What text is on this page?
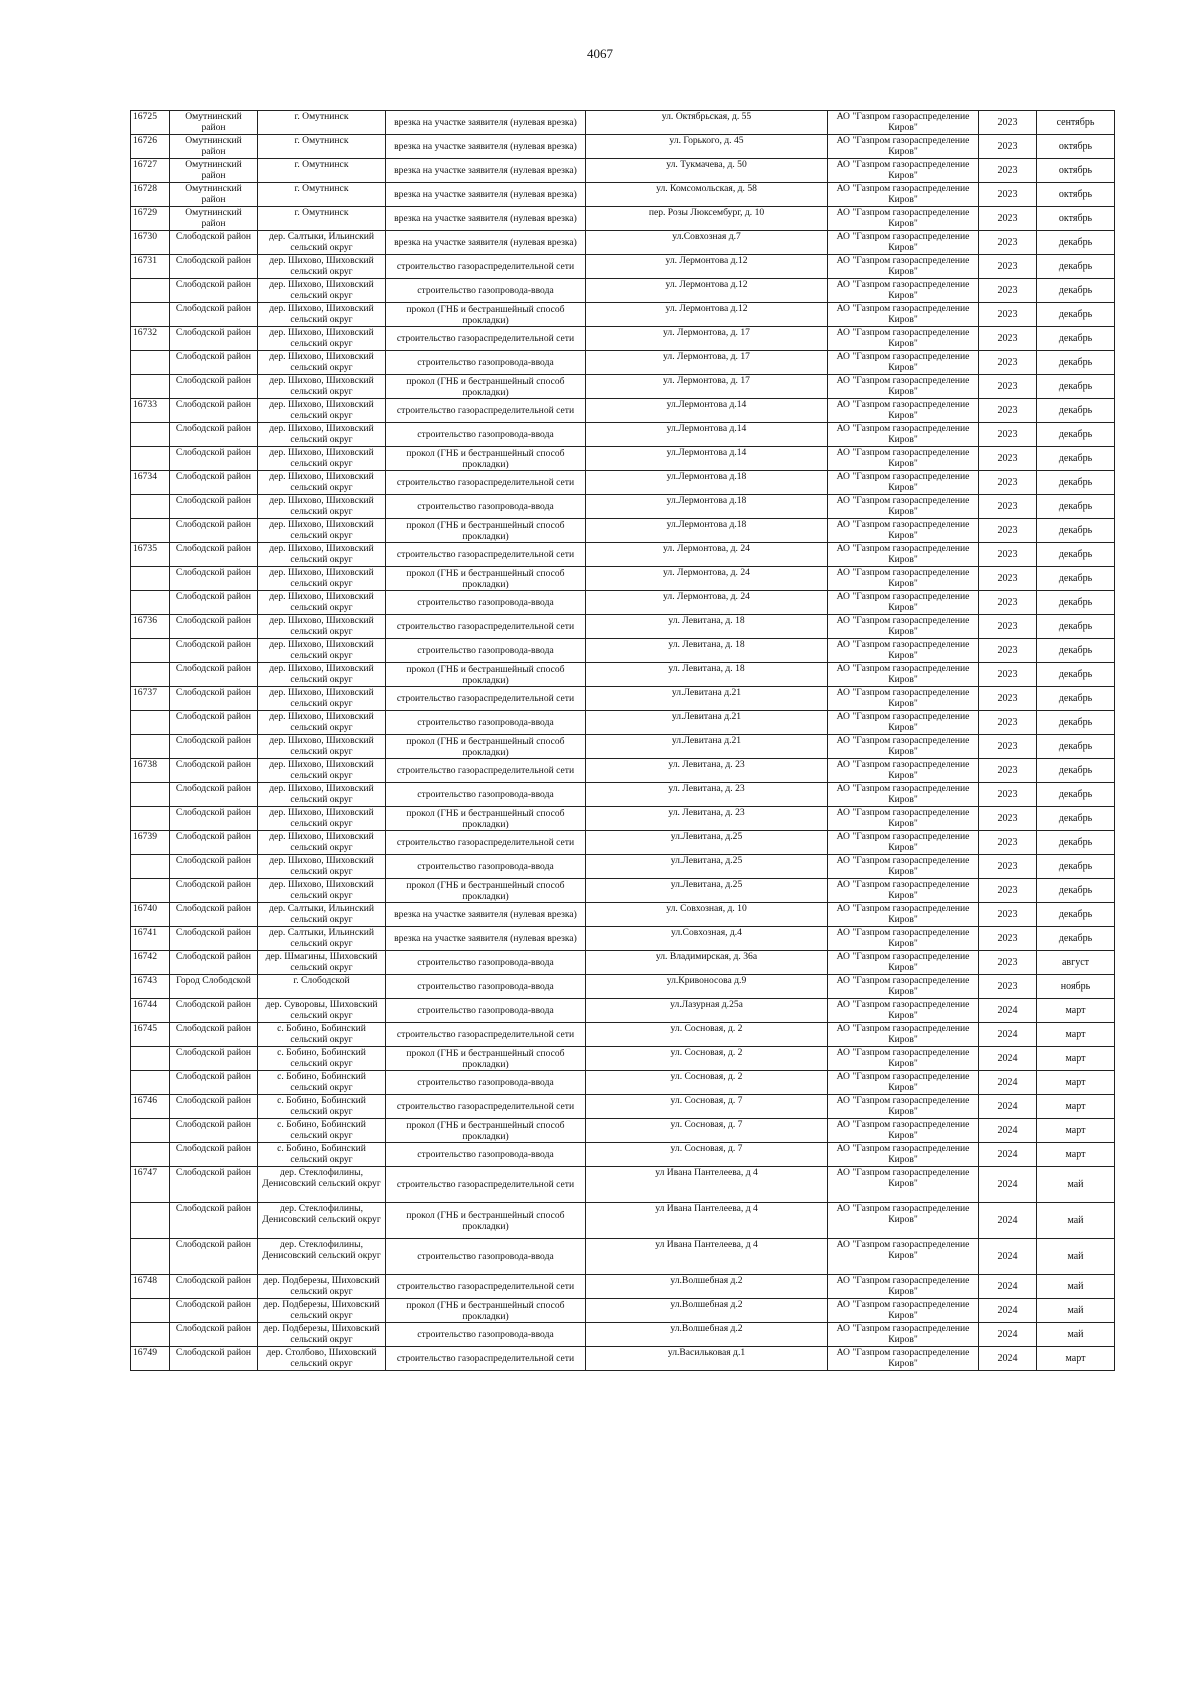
4067
16725	Омутнинский район	г. Омутнинск	врезка на участке заявителя (нулевая врезка)	ул. Октябрьская, д. 55	АО "Газпром газораспределение Киров"	2023	сентябрь
16726	Омутнинский район	г. Омутнинск	врезка на участке заявителя (нулевая врезка)	ул. Горького, д. 45	АО "Газпром газораспределение Киров"	2023	октябрь
16727	Омутнинский район	г. Омутнинск	врезка на участке заявителя (нулевая врезка)	ул. Тукмачева, д. 50	АО "Газпром газораспределение Киров"	2023	октябрь
16728	Омутнинский район	г. Омутнинск	врезка на участке заявителя (нулевая врезка)	ул. Комсомольская, д. 58	АО "Газпром газораспределение Киров"	2023	октябрь
16729	Омутнинский район	г. Омутнинск	врезка на участке заявителя (нулевая врезка)	пер. Розы Люксембург, д. 10	АО "Газпром газораспределение Киров"	2023	октябрь
16730	Слободской район	дер. Салтыки, Ильинский сельский округ	врезка на участке заявителя (нулевая врезка)	ул.Совхозная д.7	АО "Газпром газораспределение Киров"	2023	декабрь
16731	Слободской район	дер. Шихово, Шиховский сельский округ	строительство газораспределительной сети	ул. Лермонтова д.12	АО "Газпром газораспределение Киров"	2023	декабрь
	Слободской район	дер. Шихово, Шиховский сельский округ	строительство газопровода-ввода	ул. Лермонтова д.12	АО "Газпром газораспределение Киров"	2023	декабрь
	Слободской район	дер. Шихово, Шиховский сельский округ	прокол (ГНБ и бестраншейный способ прокладки)	ул. Лермонтова д.12	АО "Газпром газораспределение Киров"	2023	декабрь
16732	Слободской район	дер. Шихово, Шиховский сельский округ	строительство газораспределительной сети	ул. Лермонтова, д. 17	АО "Газпром газораспределение Киров"	2023	декабрь
	Слободской район	дер. Шихово, Шиховский сельский округ	строительство газопровода-ввода	ул. Лермонтова, д. 17	АО "Газпром газораспределение Киров"	2023	декабрь
	Слободской район	дер. Шихово, Шиховский сельский округ	прокол (ГНБ и бестраншейный способ прокладки)	ул. Лермонтова, д. 17	АО "Газпром газораспределение Киров"	2023	декабрь
16733	Слободской район	дер. Шихово, Шиховский сельский округ	строительство газораспределительной сети	ул.Лермонтова д.14	АО "Газпром газораспределение Киров"	2023	декабрь
	Слободской район	дер. Шихово, Шиховский сельский округ	строительство газопровода-ввода	ул.Лермонтова д.14	АО "Газпром газораспределение Киров"	2023	декабрь
	Слободской район	дер. Шихово, Шиховский сельский округ	прокол (ГНБ и бестраншейный способ прокладки)	ул.Лермонтова д.14	АО "Газпром газораспределение Киров"	2023	декабрь
16734	Слободской район	дер. Шихово, Шиховский сельский округ	строительство газораспределительной сети	ул.Лермонтова д.18	АО "Газпром газораспределение Киров"	2023	декабрь
	Слободской район	дер. Шихово, Шиховский сельский округ	строительство газопровода-ввода	ул.Лермонтова д.18	АО "Газпром газораспределение Киров"	2023	декабрь
	Слободской район	дер. Шихово, Шиховский сельский округ	прокол (ГНБ и бестраншейный способ прокладки)	ул.Лермонтова д.18	АО "Газпром газораспределение Киров"	2023	декабрь
16735	Слободской район	дер. Шихово, Шиховский сельский округ	строительство газораспределительной сети	ул. Лермонтова, д. 24	АО "Газпром газораспределение Киров"	2023	декабрь
	Слободской район	дер. Шихово, Шиховский сельский округ	прокол (ГНБ и бестраншейный способ прокладки)	ул. Лермонтова, д. 24	АО "Газпром газораспределение Киров"	2023	декабрь
	Слободской район	дер. Шихово, Шиховский сельский округ	строительство газопровода-ввода	ул. Лермонтова, д. 24	АО "Газпром газораспределение Киров"	2023	декабрь
16736	Слободской район	дер. Шихово, Шиховский сельский округ	строительство газораспределительной сети	ул. Левитана, д. 18	АО "Газпром газораспределение Киров"	2023	декабрь
	Слободской район	дер. Шихово, Шиховский сельский округ	строительство газопровода-ввода	ул. Левитана, д. 18	АО "Газпром газораспределение Киров"	2023	декабрь
	Слободской район	дер. Шихово, Шиховский сельский округ	прокол (ГНБ и бестраншейный способ прокладки)	ул. Левитана, д. 18	АО "Газпром газораспределение Киров"	2023	декабрь
16737	Слободской район	дер. Шихово, Шиховский сельский округ	строительство газораспределительной сети	ул.Левитана д.21	АО "Газпром газораспределение Киров"	2023	декабрь
	Слободской район	дер. Шихово, Шиховский сельский округ	строительство газопровода-ввода	ул.Левитана д.21	АО "Газпром газораспределение Киров"	2023	декабрь
	Слободской район	дер. Шихово, Шиховский сельский округ	прокол (ГНБ и бестраншейный способ прокладки)	ул.Левитана д.21	АО "Газпром газораспределение Киров"	2023	декабрь
16738	Слободской район	дер. Шихово, Шиховский сельский округ	строительство газораспределительной сети	ул. Левитана, д. 23	АО "Газпром газораспределение Киров"	2023	декабрь
	Слободской район	дер. Шихово, Шиховский сельский округ	строительство газопровода-ввода	ул. Левитана, д. 23	АО "Газпром газораспределение Киров"	2023	декабрь
	Слободской район	дер. Шихово, Шиховский сельский округ	прокол (ГНБ и бестраншейный способ прокладки)	ул. Левитана, д. 23	АО "Газпром газораспределение Киров"	2023	декабрь
16739	Слободской район	дер. Шихово, Шиховский сельский округ	строительство газораспределительной сети	ул.Левитана, д.25	АО "Газпром газораспределение Киров"	2023	декабрь
	Слободской район	дер. Шихово, Шиховский сельский округ	строительство газопровода-ввода	ул.Левитана, д.25	АО "Газпром газораспределение Киров"	2023	декабрь
	Слободской район	дер. Шихово, Шиховский сельский округ	прокол (ГНБ и бестраншейный способ прокладки)	ул.Левитана, д.25	АО "Газпром газораспределение Киров"	2023	декабрь
16740	Слободской район	дер. Салтыки, Ильинский сельский округ	врезка на участке заявителя (нулевая врезка)	ул. Совхозная, д. 10	АО "Газпром газораспределение Киров"	2023	декабрь
16741	Слободской район	дер. Салтыки, Ильинский сельский округ	врезка на участке заявителя (нулевая врезка)	ул.Совхозная, д.4	АО "Газпром газораспределение Киров"	2023	декабрь
16742	Слободской район	дер. Шмагины, Шиховский сельский округ	строительство газопровода-ввода	ул. Владимирская, д. 36а	АО "Газпром газораспределение Киров"	2023	август
16743	Город Слободской	г. Слободской	строительство газопровода-ввода	ул.Кривоносова д.9	АО "Газпром газораспределение Киров"	2023	ноябрь
16744	Слободской район	дер. Суворовы, Шиховский сельский округ	строительство газопровода-ввода	ул.Лазурная д.25а	АО "Газпром газораспределение Киров"	2024	март
16745	Слободской район	с. Бобино, Бобинский сельский округ	строительство газораспределительной сети	ул. Сосновая, д. 2	АО "Газпром газораспределение Киров"	2024	март
	Слободской район	с. Бобино, Бобинский сельский округ	прокол (ГНБ и бестраншейный способ прокладки)	ул. Сосновая, д. 2	АО "Газпром газораспределение Киров"	2024	март
	Слободской район	с. Бобино, Бобинский сельский округ	строительство газопровода-ввода	ул. Сосновая, д. 2	АО "Газпром газораспределение Киров"	2024	март
16746	Слободской район	с. Бобино, Бобинский сельский округ	строительство газораспределительной сети	ул. Сосновая, д. 7	АО "Газпром газораспределение Киров"	2024	март
	Слободской район	с. Бобино, Бобинский сельский округ	прокол (ГНБ и бестраншейный способ прокладки)	ул. Сосновая, д. 7	АО "Газпром газораспределение Киров"	2024	март
	Слободской район	с. Бобино, Бобинский сельский округ	строительство газопровода-ввода	ул. Сосновая, д. 7	АО "Газпром газораспределение Киров"	2024	март
16747	Слободской район	дер. Стеклофилины, Денисовский сельский округ	строительство газораспределительной сети	ул Ивана Пантелеева, д 4	АО "Газпром газораспределение Киров"	2024	май
	Слободской район	дер. Стеклофилины, Денисовский сельский округ	прокол (ГНБ и бестраншейный способ прокладки)	ул Ивана Пантелеева, д 4	АО "Газпром газораспределение Киров"	2024	май
	Слободской район	дер. Стеклофилины, Денисовский сельский округ	строительство газопровода-ввода	ул Ивана Пантелеева, д 4	АО "Газпром газораспределение Киров"	2024	май
16748	Слободской район	дер. Подберезы, Шиховский сельский округ	строительство газораспределительной сети	ул.Волшебная д.2	АО "Газпром газораспределение Киров"	2024	май
	Слободской район	дер. Подберезы, Шиховский сельский округ	прокол (ГНБ и бестраншейный способ прокладки)	ул.Волшебная д.2	АО "Газпром газораспределение Киров"	2024	май
	Слободской район	дер. Подберезы, Шиховский сельский округ	строительство газопровода-ввода	ул.Волшебная д.2	АО "Газпром газораспределение Киров"	2024	май
16749	Слободской район	дер. Столбово, Шиховский сельский округ	строительство газораспределительной сети	ул.Васильковая д.1	АО "Газпром газораспределение Киров"	2024	март
